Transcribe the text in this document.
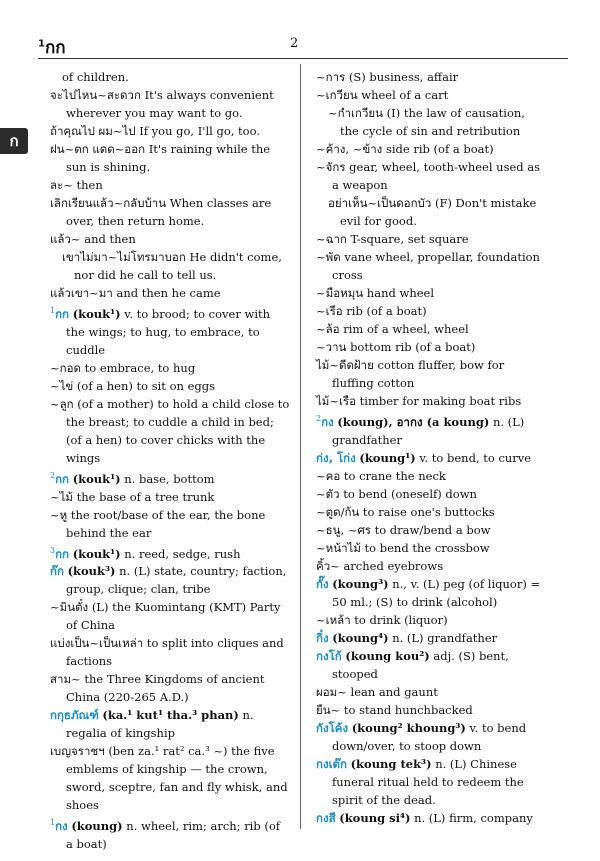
$^1$กก	2
ก

of children.

จะไปไหน~สะดวก It's always convenient wherever you may want to go.

ถ้าคุณไป ผม~ไป If you go, I'll go, too.

ฝน~ตก แดด~ออก It's raining while the sun is shining.

ละ~ then

เลิกเรียนแล้ว~กลับบ้าน When classes are over, then return home.

แล้ว~ and then

เขาไม่มา~ไม่โทรมาบอก He didn't come, nor did he call to tell us.

แล้วเขา~มา and then he came

$^1$กก (kouk¹) v. to brood; to cover with the wings; to hug, to embrace, to cuddle

~กอด to embrace, to hug

~ไข่ (of a hen) to sit on eggs

~ลูก (of a mother) to hold a child close to the breast; to cuddle a child in bed; (of a hen) to cover chicks with the wings

$^2$กก (kouk¹) n. base, bottom

~ไม้ the base of a tree trunk

~หู the root/base of the ear, the bone behind the ear

$^3$กก (kouk¹) n. reed, sedge, rush

ก๊ก (kouk³) n. (L) state, country; faction, group, clique; clan, tribe

~มินตั๋ง (L) the Kuomintang (KMT) Party of China

แบ่งเป็น~เป็นเหล่า to split into cliques and factions

สาม~ the Three Kingdoms of ancient China (220-265 A.D.)

กกุธภัณฑ์ (ka.¹ kut¹ tha.³ phan) n. regalia of kingship

เบญจราชฯ (ben za.¹ rat² ca.³ ~) the five emblems of kingship — the crown, sword, sceptre, fan and fly whisk, and shoes

$^1$กง (koung) n. wheel, rim; arch; rib (of a boat)

~การ (S) business, affair

~เกวียน wheel of a cart

~กำเกวียน (I) the law of causation, the cycle of sin and retribution

~ค้าง, ~ข้าง side rib (of a boat)

~จักร gear, wheel, tooth-wheel used as a weapon

อย่าเห็น~เป็นดอกบัว (F) Don't mistake evil for good.

~ฉาก T-square, set square

~พัด vane wheel, propellar, foundation cross

~มือหมุน hand wheel

~เรือ rib (of a boat)

~ล้อ rim of a wheel, wheel

~วาน bottom rib (of a boat)

ไม้~ดีดฝ้าย cotton fluffer, bow for fluffing cotton

ไม้~เรือ timber for making boat ribs

$^2$กง (koung), อากง (a koung) n. (L) grandfather

ก่ง, โก่ง (koung¹) v. to bend, to curve

~คอ to crane the neck

~ตัว to bend (oneself) down

~ตูด/ก้น to raise one's buttocks

~ธนู, ~ศร to draw/bend a bow

~หน้าไม้ to bend the crossbow

คิ้ว~ arched eyebrows

กั๊ง (koung³) n., v. (L) peg (of liquor) = 50 ml.; (S) to drink (alcohol)

~เหล้า to drink (liquor)

กิ๋ง (koung⁴) n. (L) grandfather

กงโก้ (koung kou²) adj. (S) bent, stooped

ผอม~ lean and gaunt

ยืน~ to stand hunchbacked

กังโค้ง (koung² khoung³) v. to bend down/over, to stoop down

กงเต๊ก (koung tek³) n. (L) Chinese funeral ritual held to redeem the spirit of the dead.

กงสี (koung si⁴) n. (L) firm, company
